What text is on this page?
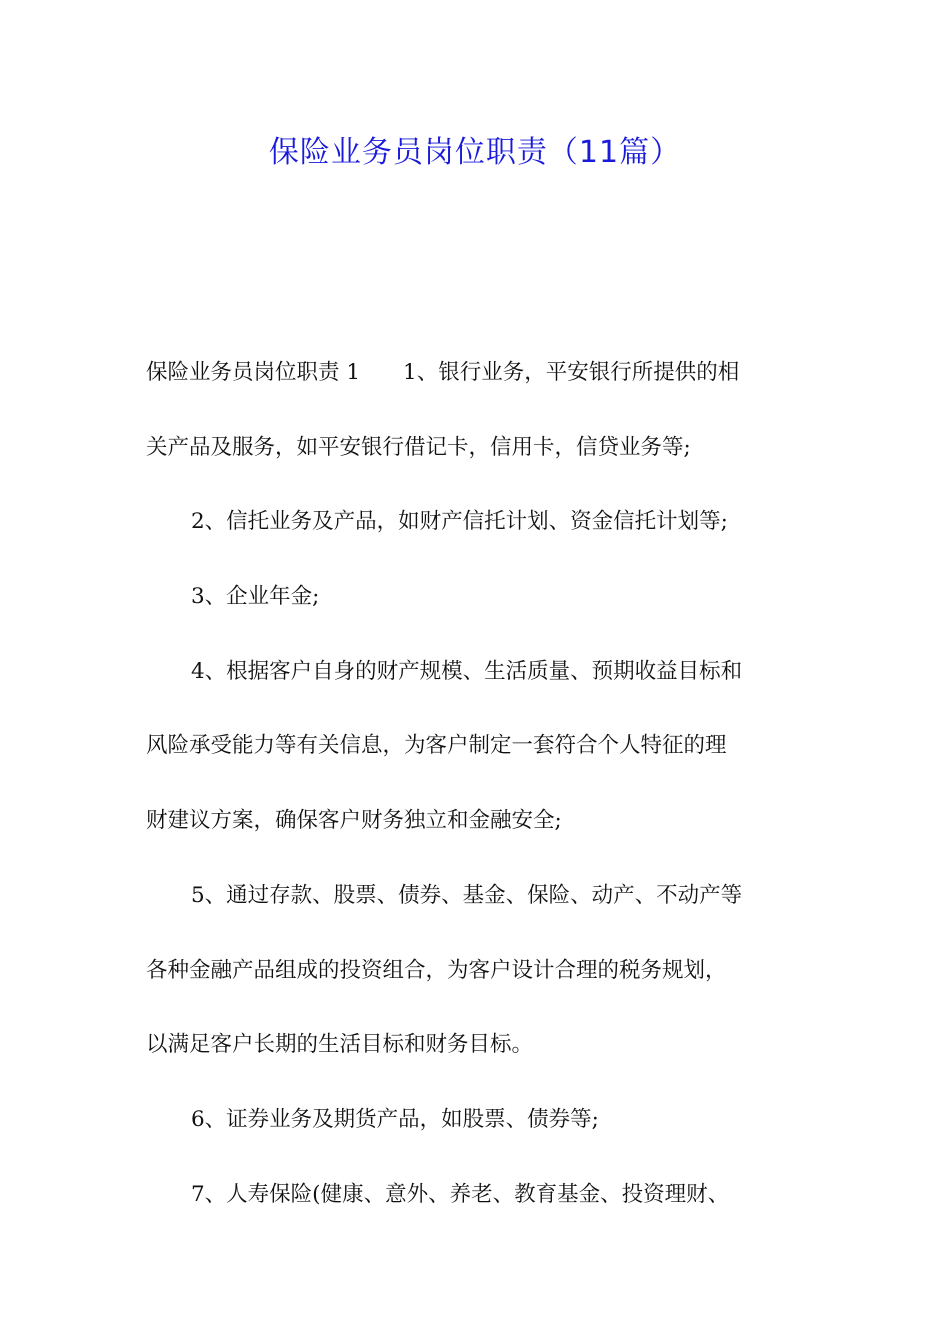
保险业务员岗位职责（11篇）
保险业务员岗位职责 1　　1、银行业务，平安银行所提供的相
关产品及服务，如平安银行借记卡，信用卡，信贷业务等;
2、信托业务及产品，如财产信托计划、资金信托计划等;
3、企业年金;
4、根据客户自身的财产规模、生活质量、预期收益目标和
风险承受能力等有关信息，为客户制定一套符合个人特征的理
财建议方案，确保客户财务独立和金融安全;
5、通过存款、股票、债券、基金、保险、动产、不动产等
各种金融产品组成的投资组合，为客户设计合理的税务规划，
以满足客户长期的生活目标和财务目标。
6、证券业务及期货产品，如股票、债券等;
7、人寿保险(健康、意外、养老、教育基金、投资理财、
